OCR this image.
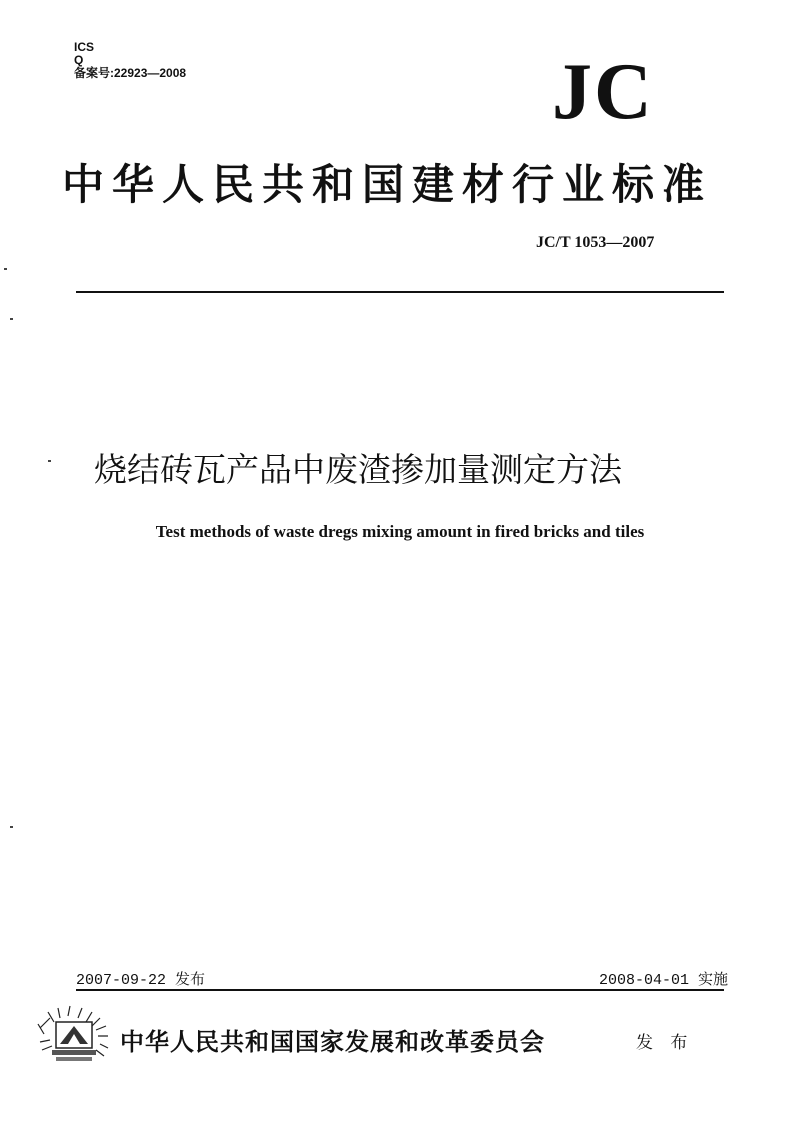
ICS
Q
备案号:22923—2008	JC
中华人民共和国建材行业标准
JC/T 1053—2007
烧结砖瓦产品中废渣掺加量测定方法
Test methods of waste dregs mixing amount in fired bricks and tiles
2007-09-22 发布	2008-04-01 实施
中华人民共和国国家发展和改革委员会	发 布
